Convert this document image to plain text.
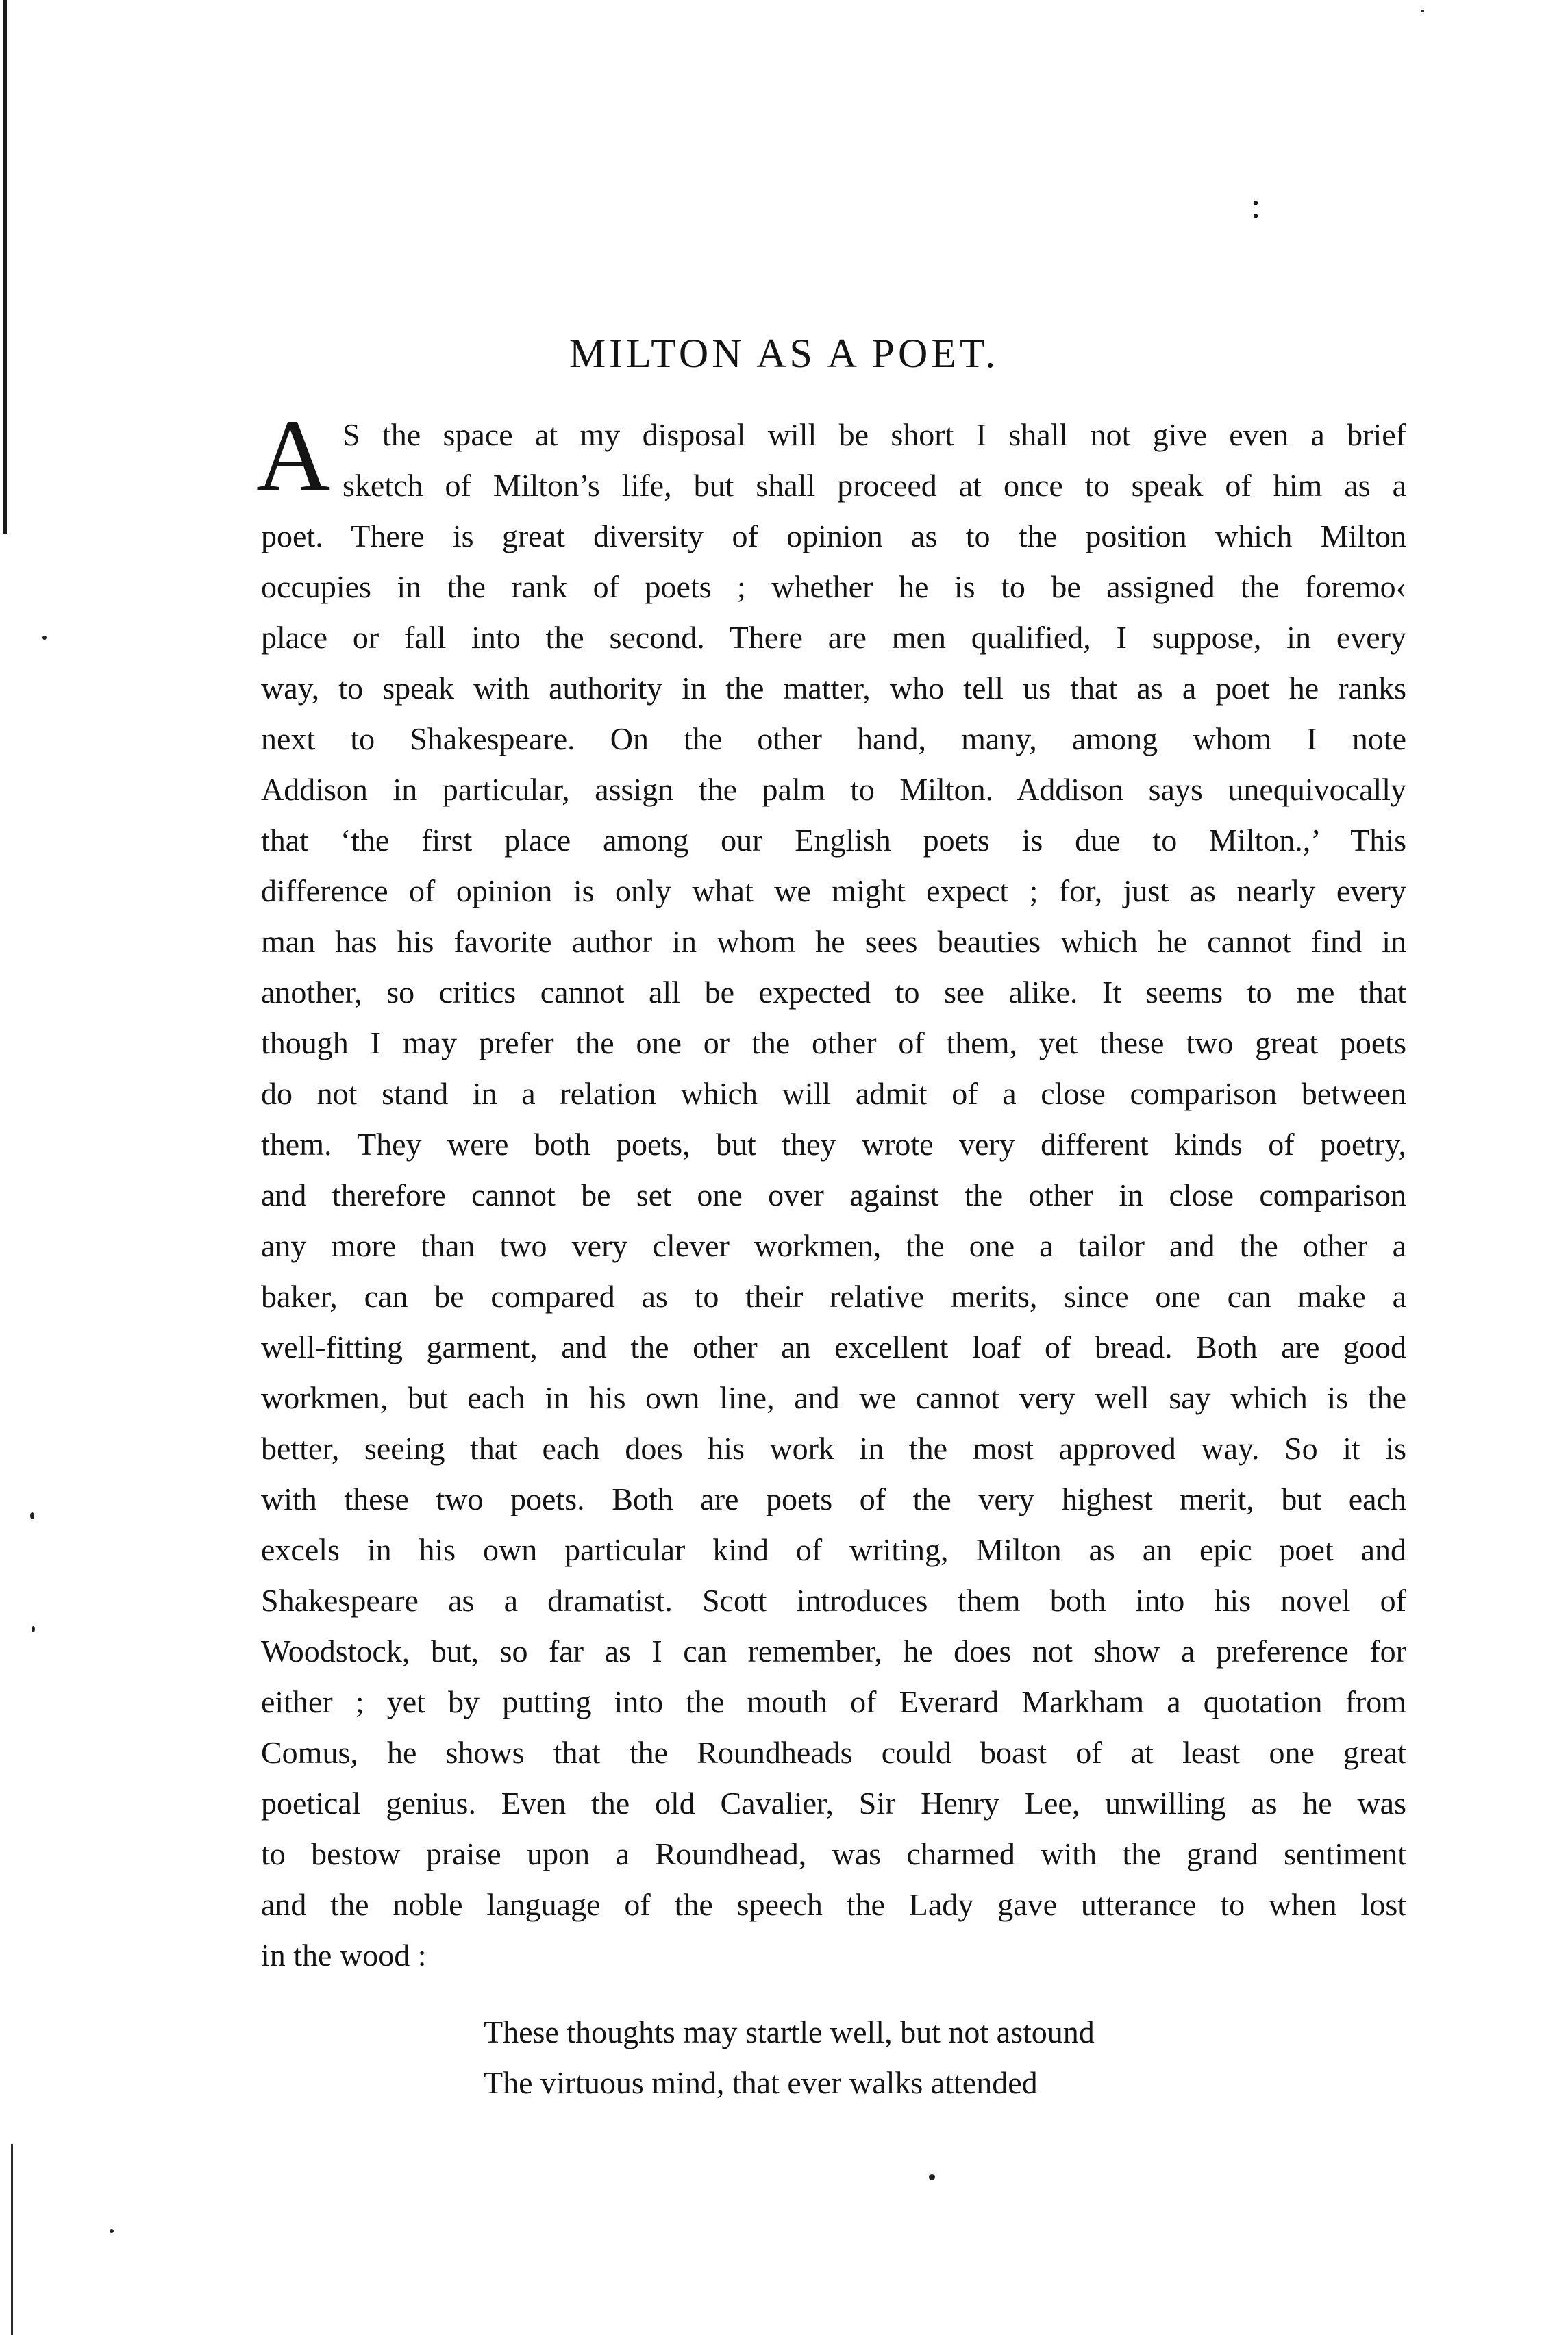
:
MILTON AS A POET.
A S the space at my disposal will be short I shall not give even a brief
sketch of Milton’s life, but shall proceed at once to speak of him as a
poet. There is great diversity of opinion as to the position which Milton
occupies in the rank of poets ; whether he is to be assigned the foremo‹
place or fall into the second. There are men qualified, I suppose, in every
way, to speak with authority in the matter, who tell us that as a poet he ranks
next to Shakespeare. On the other hand, many, among whom I note
Addison in particular, assign the palm to Milton. Addison says unequivocally
that ‘the first place among our English poets is due to Milton.,’ This
difference of opinion is only what we might expect ; for, just as nearly every
man has his favorite author in whom he sees beauties which he cannot find in
another, so critics cannot all be expected to see alike. It seems to me that
though I may prefer the one or the other of them, yet these two great poets
do not stand in a relation which will admit of a close comparison between
them. They were both poets, but they wrote very different kinds of poetry,
and therefore cannot be set one over against the other in close comparison
any more than two very clever workmen, the one a tailor and the other a
baker, can be compared as to their relative merits, since one can make a
well-fitting garment, and the other an excellent loaf of bread. Both are good
workmen, but each in his own line, and we cannot very well say which is the
better, seeing that each does his work in the most approved way. So it is
with these two poets. Both are poets of the very highest merit, but each
excels in his own particular kind of writing, Milton as an epic poet and
Shakespeare as a dramatist. Scott introduces them both into his novel of
Woodstock, but, so far as I can remember, he does not show a preference for
either ; yet by putting into the mouth of Everard Markham a quotation from
Comus, he shows that the Roundheads could boast of at least one great
poetical genius. Even the old Cavalier, Sir Henry Lee, unwilling as he was
to bestow praise upon a Roundhead, was charmed with the grand sentiment
and the noble language of the speech the Lady gave utterance to when lost
in the wood :
These thoughts may startle well, but not astound
The virtuous mind, that ever walks attended
